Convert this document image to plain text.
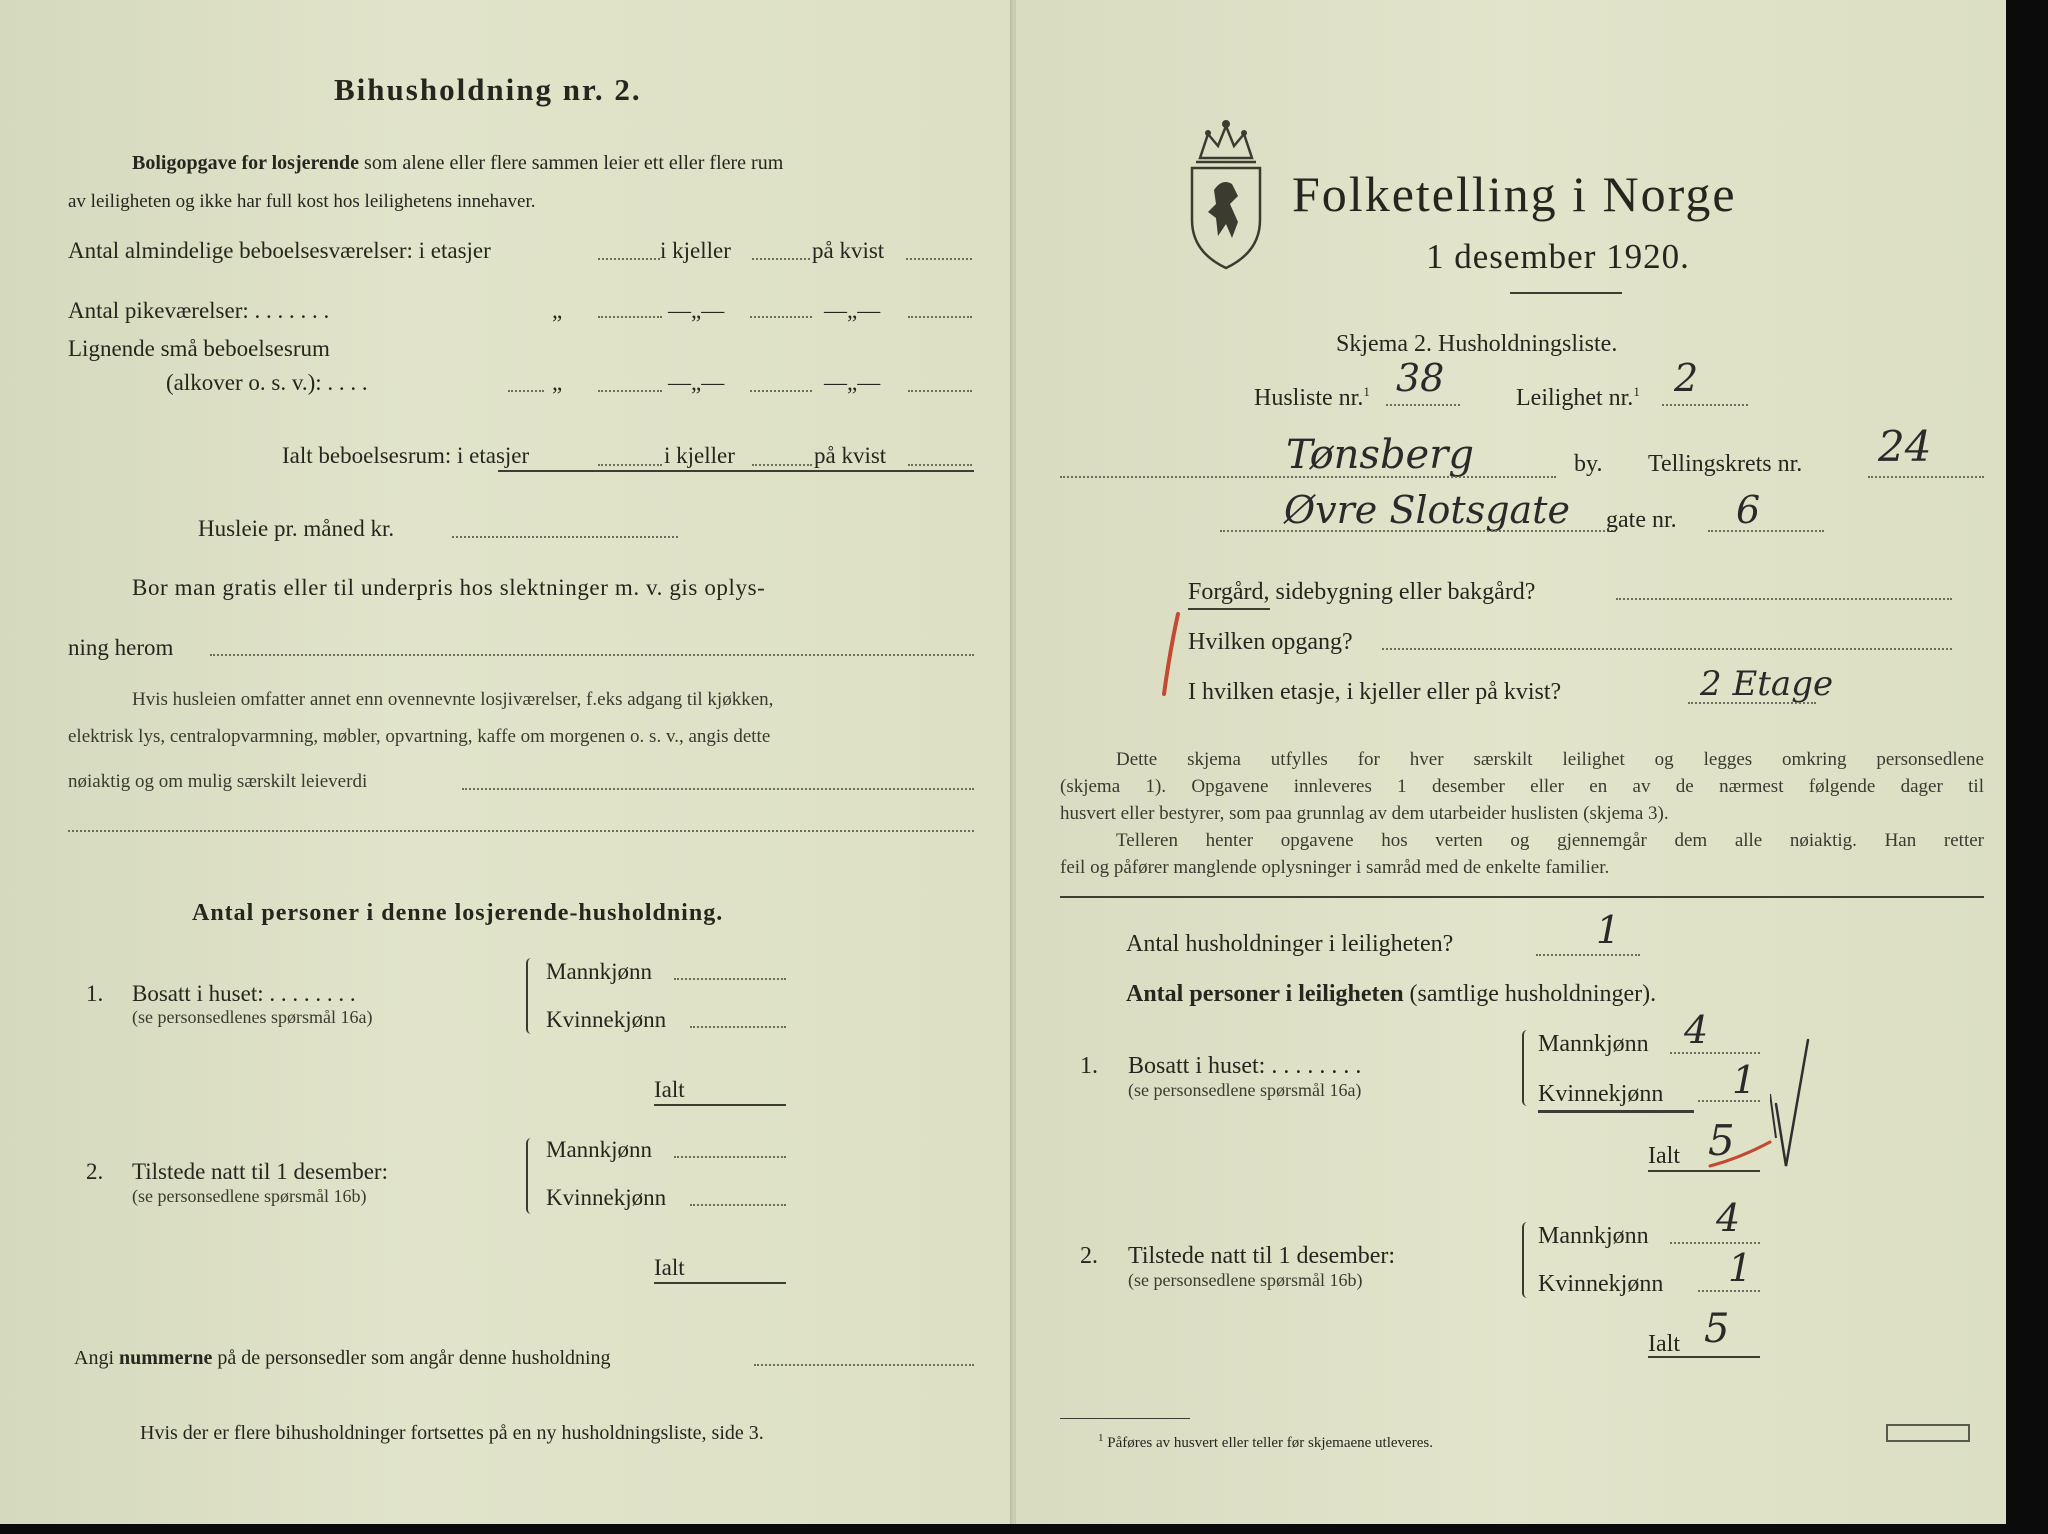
Bihusholdning nr. 2.
Boligopgave for losjerende som alene eller flere sammen leier ett eller flere rum
av leiligheten og ikke har full kost hos leilighetens innehaver.
Antal almindelige beboelsesværelser: i etasjer	i kjeller	på kvist
Antal pikeværelser: . . . . . . .	„	—„—	—„—
Lignende små beboelsesrum
(alkover o. s. v.): . . . .	„	—„—	—„—
Ialt beboelsesrum: i etasjer	i kjeller	på kvist
Husleie pr. måned kr.
Bor man gratis eller til underpris hos slektninger m. v. gis oplys-
ning herom
Hvis husleien omfatter annet enn ovennevnte losjiværelser, f.eks adgang til kjøkken,
elektrisk lys, centralopvarmning, møbler, opvartning, kaffe om morgenen o. s. v., angis dette
nøiaktig og om mulig særskilt leieverdi
Antal personer i denne losjerende-husholdning.
1. Bosatt i huset: . . . . . . . .
(se personsedlenes spørsmål 16a)
Mannkjønn
Kvinnekjønn
Ialt
2. Tilstede natt til 1 desember:
(se personsedlene spørsmål 16b)
Mannkjønn
Kvinnekjønn
Ialt
Angi nummerne på de personsedler som angår denne husholdning
Hvis der er flere bihusholdninger fortsettes på en ny husholdningsliste, side 3.
Folketelling i Norge
1 desember 1920.
Skjema 2. Husholdningsliste.
Husliste nr.$^1$ 38	Leilighet nr.$^1$ 2
Tønsberg	by. Tellingskrets nr. 24
Øvre Slotsgate gate nr. 6
Forgård, sidebygning eller bakgård?
Hvilken opgang?
I hvilken etasje, i kjeller eller på kvist?	2 Etage
Dette skjema utfylles for hver særskilt leilighet og legges omkring personsedlene
(skjema 1). Opgavene innleveres 1 desember eller en av de nærmest følgende dager til
husvert eller bestyrer, som paa grunnlag av dem utarbeider huslisten (skjema 3).
Telleren henter opgavene hos verten og gjennemgår dem alle nøiaktig. Han retter
feil og påfører manglende oplysninger i samråd med de enkelte familier.
Antal husholdninger i leiligheten?	1
Antal personer i leiligheten (samtlige husholdninger).
1. Bosatt i huset: . . . . . . . .
(se personsedlene spørsmål 16a)
Mannkjønn 4
Kvinnekjønn 1
Ialt 5
2. Tilstede natt til 1 desember:
(se personsedlene spørsmål 16b)
Mannkjønn 4
Kvinnekjønn 1
Ialt 5
$^1$ Påføres av husvert eller teller før skjemaene utleveres.
